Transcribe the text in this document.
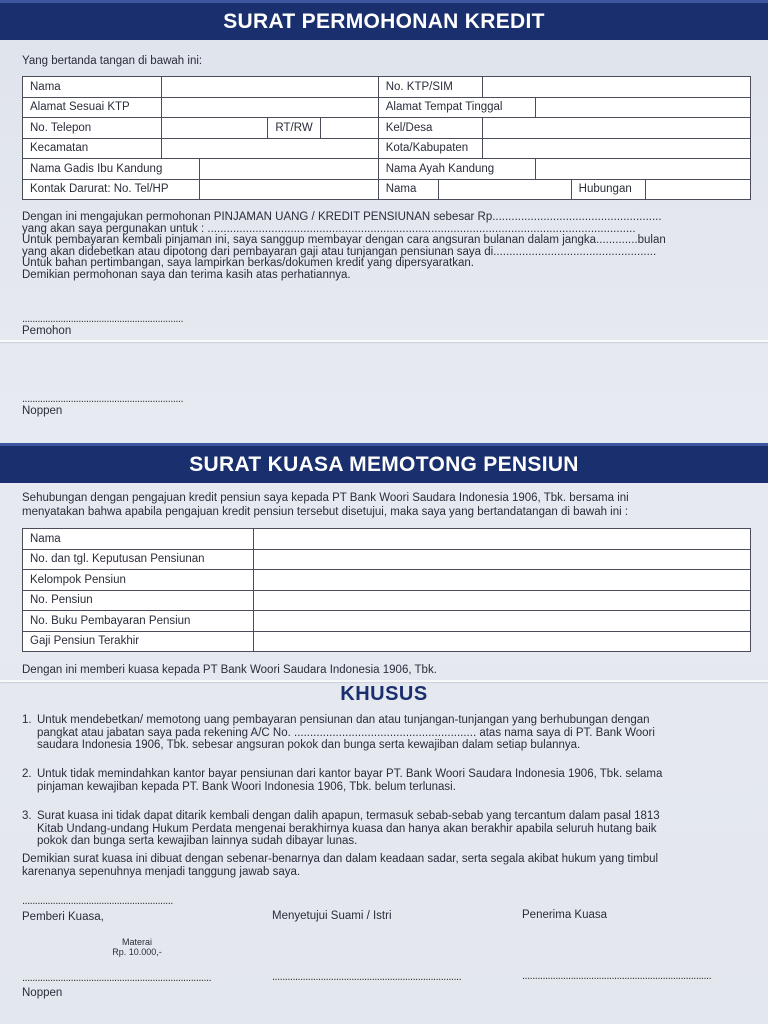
SURAT PERMOHONAN KREDIT
Yang bertanda tangan di bawah ini:
Nama					No. KTP/SIM					
Alamat Sesuai KTP					Alamat Tempat Tinggal					
No. Telepon			RT/RW		Kel/Desa					
Kecamatan					Kota/Kabupaten					
Nama Gadis Ibu Kandung					Nama Ayah Kandung					
Kontak Darurat: No. Tel/HP					Nama				Hubungan	
Dengan ini mengajukan permohonan PINJAMAN UANG / KREDIT PENSIUNAN sebesar Rp.....................................................
yang akan saya pergunakan untuk : ......................................................................................................................................
Untuk pembayaran kembali pinjaman ini, saya sanggup membayar dengan cara angsuran bulanan dalam jangka.............bulan
yang akan didebetkan atau dipotong dari pembayaran gaji atau tunjangan pensiunan saya di...................................................
Untuk bahan pertimbangan, saya lampirkan berkas/dokumen kredit yang dipersyaratkan.
Demikian permohonan saya dan terima kasih atas perhatiannya.
...............................................................
Pemohon
...............................................................
Noppen
SURAT KUASA MEMOTONG PENSIUN
Sehubungan dengan pengajuan kredit pensiun saya kepada PT Bank Woori Saudara Indonesia 1906, Tbk. bersama ini
menyatakan bahwa apabila pengajuan kredit pensiun tersebut disetujui, maka saya yang bertandatangan di bawah ini :
Nama	
No. dan tgl. Keputusan Pensiunan	
Kelompok Pensiun	
No. Pensiun	
No. Buku Pembayaran Pensiun	
Gaji Pensiun Terakhir	
Dengan ini memberi kuasa kepada PT Bank Woori Saudara Indonesia 1906, Tbk.
KHUSUS
1. Untuk mendebetkan/ memotong uang pembayaran pensiunan dan atau tunjangan-tunjangan yang berhubungan dengan
pangkat atau jabatan saya pada rekening A/C No. ......................................................... atas nama saya di PT. Bank Woori
saudara Indonesia 1906, Tbk. sebesar angsuran pokok dan bunga serta kewajiban dalam setiap bulannya.
2. Untuk tidak memindahkan kantor bayar pensiunan dari kantor bayar PT. Bank Woori Saudara Indonesia 1906, Tbk. selama
pinjaman kewajiban kepada PT. Bank Woori Indonesia 1906, Tbk. belum terlunasi.
3. Surat kuasa ini tidak dapat ditarik kembali dengan dalih apapun, termasuk sebab-sebab yang tercantum dalam pasal 1813
Kitab Undang-undang Hukum Perdata mengenai berakhirnya kuasa dan hanya akan berakhir apabila seluruh hutang baik
pokok dan bunga serta kewajiban lainnya sudah dibayar lunas.
Demikian surat kuasa ini dibuat dengan sebenar-benarnya dan dalam keadaan sadar, serta segala akibat hukum yang timbul
karenanya sepenuhnya menjadi tanggung jawab saya.
...........................................................
Pemberi Kuasa,	Menyetujui Suami / Istri	Penerima Kuasa
Materai
Rp. 10.000,-
..........................................................................	..........................................................................	..........................................................................
Noppen
